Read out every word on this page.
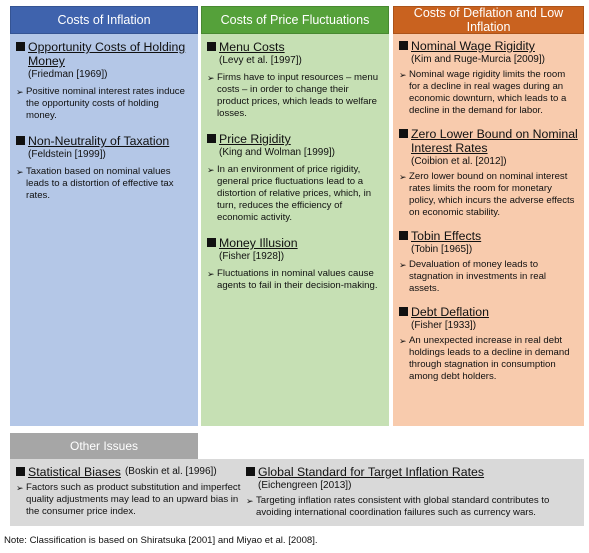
Costs of Inflation
Opportunity Costs of Holding Money
(Friedman [1969])
➢ Positive nominal interest rates induce the opportunity costs of holding money.
Non-Neutrality of Taxation
(Feldstein [1999])
➢ Taxation based on nominal values leads to a distortion of effective tax rates.
Costs of Price Fluctuations
Menu Costs
(Levy et al. [1997])
➢ Firms have to input resources – menu costs – in order to change their product prices, which leads to welfare losses.
Price Rigidity
(King and Wolman [1999])
➢ In an environment of price rigidity, general price fluctuations lead to a distortion of relative prices, which, in turn, reduces the efficiency of economic activity.
Money Illusion
(Fisher [1928])
➢ Fluctuations in nominal values cause agents to fail in their decision-making.
Costs of Deflation and Low Inflation
Nominal Wage Rigidity
(Kim and Ruge-Murcia [2009])
➢ Nominal wage rigidity limits the room for a decline in real wages during an economic downturn, which leads to a decline in the demand for labor.
Zero Lower Bound on Nominal Interest Rates
(Coibion et al. [2012])
➢ Zero lower bound on nominal interest rates limits the room for monetary policy, which incurs the adverse effects on economic stability.
Tobin Effects
(Tobin [1965])
➢ Devaluation of money leads to stagnation in investments in real assets.
Debt Deflation
(Fisher [1933])
➢ An unexpected increase in real debt holdings leads to a decline in demand through stagnation in consumption among debt holders.
Other Issues
Statistical Biases (Boskin et al. [1996])
➢ Factors such as product substitution and imperfect quality adjustments may lead to an upward bias in the consumer price index.
Global Standard for Target Inflation Rates
(Eichengreen [2013])
➢ Targeting inflation rates consistent with global standard contributes to avoiding international coordination failures such as currency wars.
Note: Classification is based on Shiratsuka [2001] and Miyao et al. [2008].
